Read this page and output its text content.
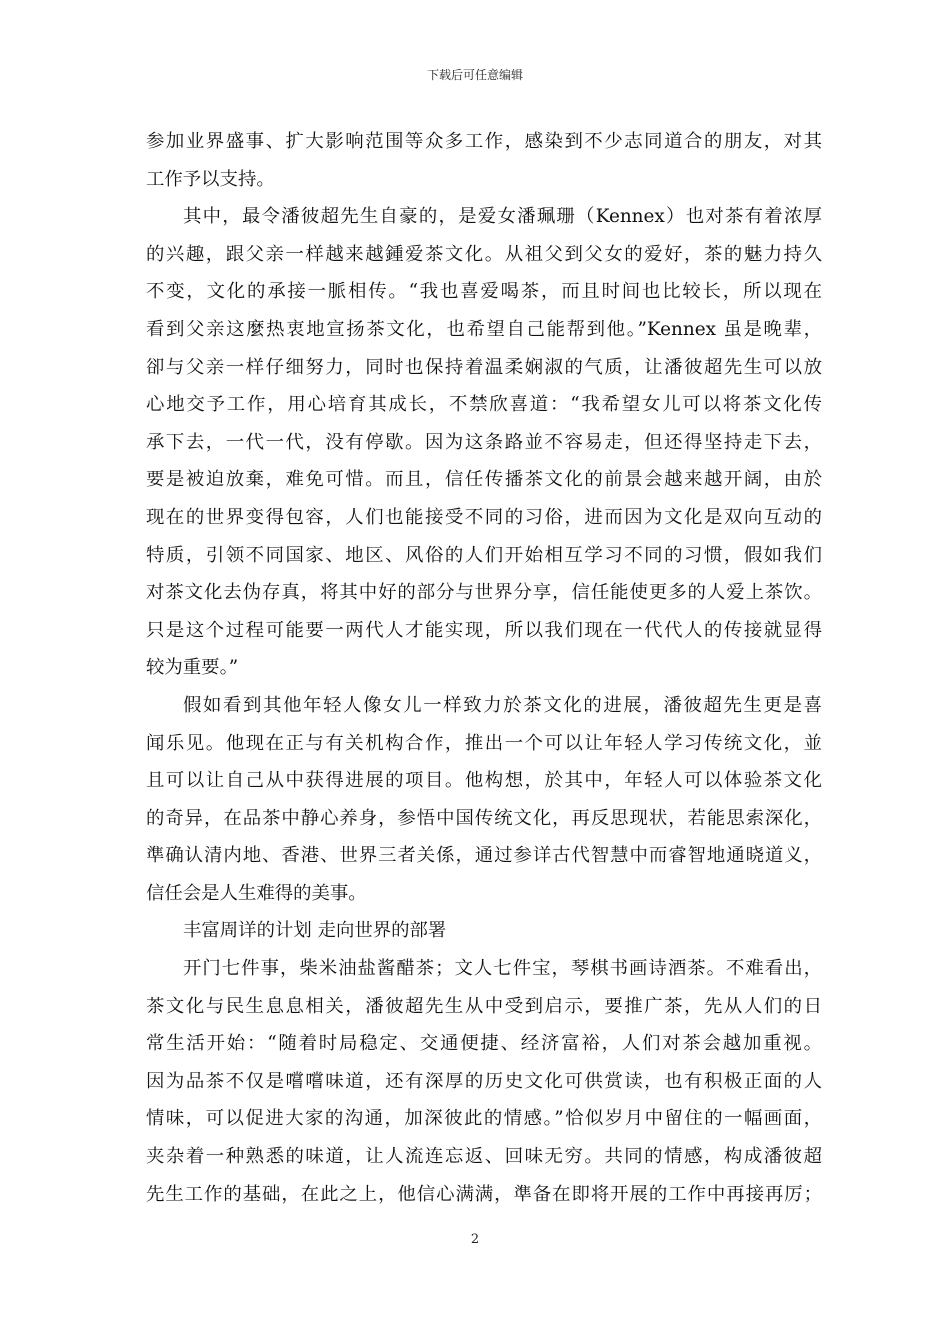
下载后可任意编辑
参加业界盛事、扩大影响范围等众多工作，感染到不少志同道合的朋友，对其
工作予以支持。
其中，最令潘彼超先生自豪的，是爱女潘珮珊（Kennex）也对茶有着浓厚
的兴趣，跟父亲一样越来越鍾爱茶文化。从祖父到父女的爱好，茶的魅力持久
不变，文化的承接一脈相传。“我也喜爱喝茶，而且时间也比较长，所以现在
看到父亲这麼热衷地宣扬茶文化，也希望自己能帮到他。”Kennex 虽是晚辈，
卻与父亲一样仔细努力，同时也保持着温柔娴淑的气质，让潘彼超先生可以放
心地交予工作，用心培育其成长，不禁欣喜道：“我希望女儿可以将茶文化传
承下去，一代一代，没有停歇。因为这条路並不容易走，但还得坚持走下去，
要是被迫放棄，难免可惜。而且，信任传播茶文化的前景会越来越开阔，由於
现在的世界变得包容，人们也能接受不同的习俗，进而因为文化是双向互动的
特质，引领不同国家、地区、风俗的人们开始相互学习不同的习惯，假如我们
对茶文化去伪存真，将其中好的部分与世界分享，信任能使更多的人爱上茶饮。
只是这个过程可能要一两代人才能实现，所以我们现在一代代人的传接就显得
较为重要。”
假如看到其他年轻人像女儿一样致力於茶文化的进展，潘彼超先生更是喜
闻乐见。他现在正与有关机构合作，推出一个可以让年轻人学习传统文化，並
且可以让自己从中获得进展的项目。他构想，於其中，年轻人可以体验茶文化
的奇异，在品茶中静心养身，参悟中国传统文化，再反思现状，若能思索深化，
準确认清内地、香港、世界三者关係，通过参详古代智慧中而睿智地通晓道义，
信任会是人生难得的美事。
丰富周详的计划 走向世界的部署
开门七件事，柴米油盐酱醋茶；文人七件宝，琴棋书画诗酒茶。不难看出，
茶文化与民生息息相关，潘彼超先生从中受到启示，要推广茶，先从人们的日
常生活开始：“随着时局稳定、交通便捷、经济富裕，人们对茶会越加重视。
因为品茶不仅是嚐嚐味道，还有深厚的历史文化可供赏读，也有积极正面的人
情味，可以促进大家的沟通，加深彼此的情感。”恰似岁月中留住的一幅画面，
夹杂着一种熟悉的味道，让人流连忘返、回味无穷。共同的情感，构成潘彼超
先生工作的基础，在此之上，他信心满满，準备在即将开展的工作中再接再厉；
2
